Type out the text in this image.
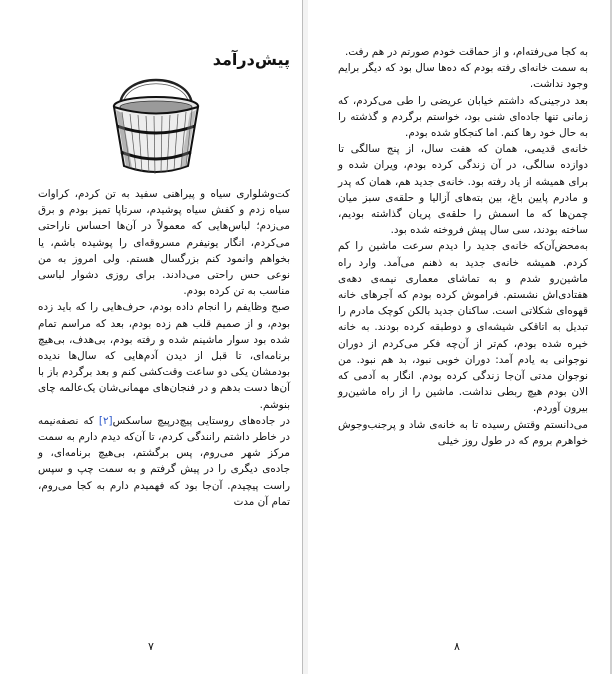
پیش‌درآمد

کت‌وشلواری سیاه و پیراهنی سفید به تن کردم، کراوات سیاه زدم و کفش سیاه پوشیدم، سرتاپا تمیز بودم و برق می‌زدم؛ لباس‌هایی که معمولاً در آن‌ها احساس ناراحتی می‌کردم، انگار یونیفرم مسروقه‌ای را پوشیده باشم، یا بخواهم وانمود کنم بزرگسال هستم. ولی امروز به من نوعی حس راحتی می‌دادند. برای روزی دشوار لباسی مناسب به تن کرده بودم.

صبح وظایفم را انجام داده بودم، حرف‌هایی را که باید زده بودم، و از صمیم قلب هم زده بودم، بعد که مراسم تمام شده بود سوار ماشینم شده و رفته بودم، بی‌هدف، بی‌هیچ برنامه‌ای، تا قبل از دیدن آدم‌هایی که سال‌ها ندیده بودمشان یکی دو ساعت وقت‌کشی کنم و بعد برگردم باز با آن‌ها دست بدهم و در فنجان‌های مهمانی‌شان یک‌عالمه چای بنوشم.

در جاده‌های روستایی پیچ‌درپیچ ساسکس[۲] که نصفه‌نیمه در خاطر داشتم رانندگی کردم، تا آن‌که دیدم دارم به سمت مرکز شهر می‌روم، پس برگشتم، بی‌هیچ برنامه‌ای، و جاده‌ی دیگری را در پیش گرفتم و به سمت چپ و سپس راست پیچیدم. آن‌جا بود که فهمیدم دارم به کجا می‌روم، تمام آن مدت

۷

به کجا می‌رفته‌ام، و از حماقت خودم صورتم در هم رفت.

به سمت خانه‌ای رفته بودم که ده‌ها سال بود که دیگر برایم وجود نداشت.

بعد درجینی‌که داشتم خیابان عریضی را طی می‌کردم، که زمانی تنها جاده‌ای شنی بود، خواستم برگردم و گذشته را به حال خود رها کنم. اما کنجکاو شده بودم.

خانه‌ی قدیمی، همان که هفت سال، از پنج سالگی تا دوازده سالگی، در آن زندگی کرده بودم، ویران شده و برای همیشه از یاد رفته بود. خانه‌ی جدید هم، همان که پدر و مادرم پایین باغ، بین بته‌های آزالیا و حلقه‌ی سبز میان چمن‌ها که ما اسمش را حلقه‌ی پریان گذاشته بودیم، ساخته بودند، سی سال پیش فروخته شده بود.

به‌محض‌آن‌که خانه‌ی جدید را دیدم سرعت ماشین را کم کردم. همیشه خانه‌ی جدید به ذهنم می‌آمد. وارد راه ماشین‌رو شدم و به تماشای معماری نیمه‌ی دهه‌ی هفتادی‌اش نشستم. فراموش کرده بودم که آجرهای خانه قهوه‌ای شکلاتی است. ساکنان جدید بالکن کوچک مادرم را تبدیل به اتاقکی شیشه‌ای و دوطبقه کرده بودند. به خانه خیره شده بودم، کم‌تر از آن‌چه فکر می‌کردم از دوران نوجوانی به یادم آمد: دوران خوبی نبود، بد هم نبود. من نوجوان مدتی آن‌جا زندگی کرده بودم. انگار به آدمی که الان بودم هیچ ربطی نداشت. ماشین را از راه ماشین‌رو بیرون آوردم.

می‌دانستم وقتش رسیده تا به خانه‌ی شاد و پرجنب‌وجوش خواهرم بروم که در طول روز خیلی

۸
